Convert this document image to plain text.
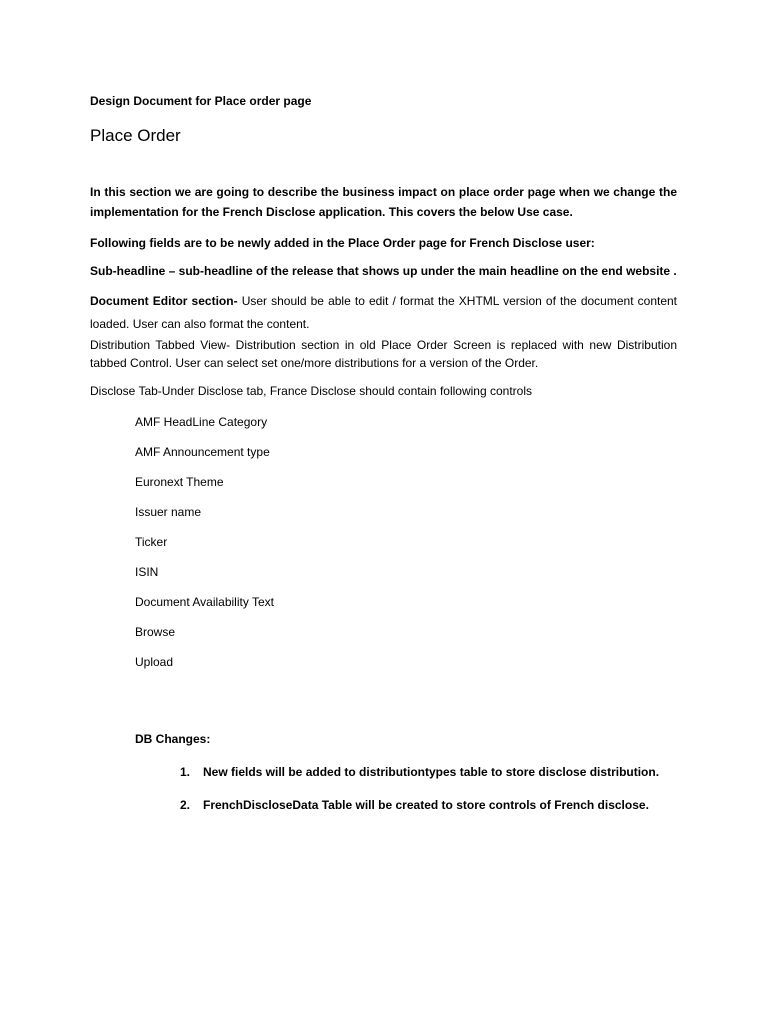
Design Document for Place order page
Place Order
In this section we are going to describe the business impact on place order page when we change the implementation for the French Disclose application. This covers the below Use case.
Following fields are to be newly added in the Place Order page for French Disclose user:
Sub-headline – sub-headline of the release that shows up under the main headline on the end website .
Document Editor section- User should be able to edit / format the XHTML version of the document content loaded. User can also format the content.
Distribution Tabbed View- Distribution section in old Place Order Screen is replaced with new Distribution tabbed Control. User can select set one/more distributions for a version of the Order.
Disclose Tab-Under Disclose tab, France Disclose should contain following controls
AMF HeadLine Category
AMF Announcement type
Euronext Theme
Issuer name
Ticker
ISIN
Document Availability Text
Browse
Upload
DB Changes:
1. New fields will be added to distributiontypes table to store disclose distribution.
2. FrenchDiscloseData Table will be created to store controls of French disclose.
